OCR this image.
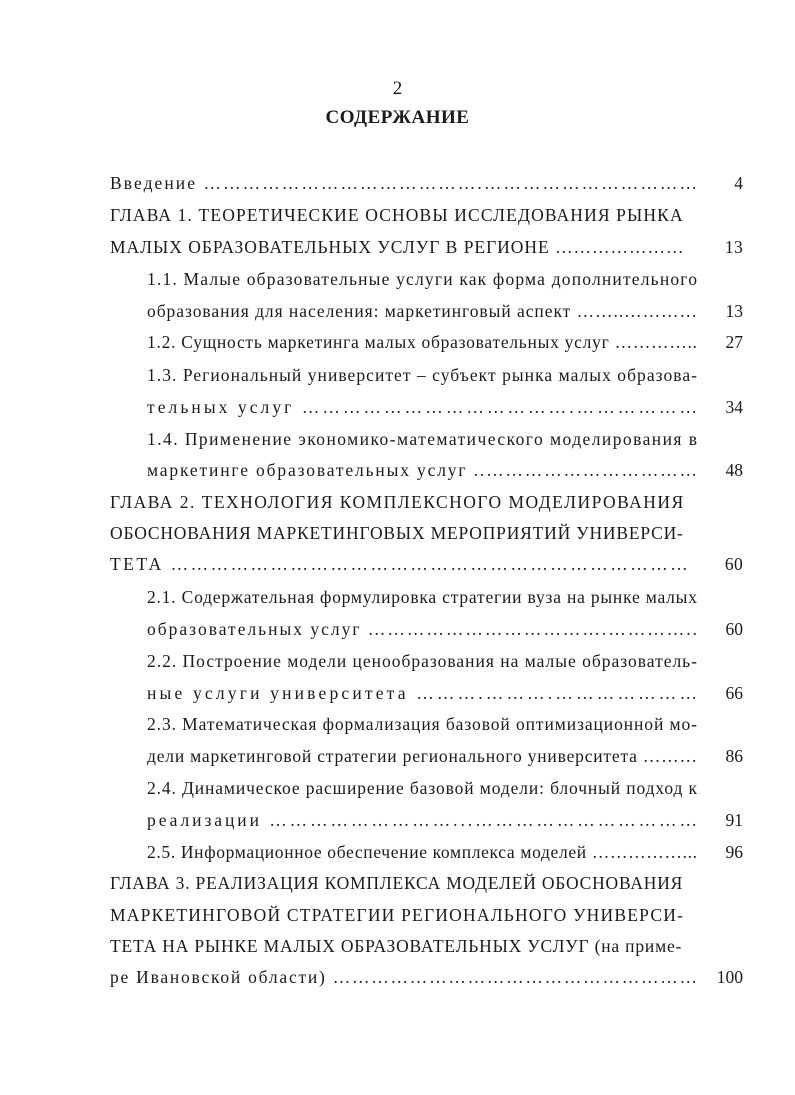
2
СОДЕРЖАНИЕ
Введение …………………………………….……………………………	4
ГЛАВА 1. ТЕОРЕТИЧЕСКИЕ ОСНОВЫ ИССЛЕДОВАНИЯ РЫНКА
МАЛЫХ ОБРАЗОВАТЕЛЬНЫХ УСЛУГ В РЕГИОНЕ …………………	13
1.1. Малые образовательные услуги как форма дополнительного
образования для населения: маркетинговый аспект ……..…………	13
1.2. Сущность маркетинга малых образовательных услуг …………..	27
1.3. Региональный университет – субъект рынка малых образова-
тельных услуг ………………………………….………………	34
1.4. Применение экономико-математического моделирования в
маркетинге образовательных услуг ..……………………………	48
ГЛАВА 2. ТЕХНОЛОГИЯ КОМПЛЕКСНОГО МОДЕЛИРОВАНИЯ
ОБОСНОВАНИЯ МАРКЕТИНГОВЫХ МЕРОПРИЯТИЙ УНИВЕРСИ-
ТЕТА ……………………………………………………………………	60
2.1. Содержательная формулировка стратегии вуза на рынке малых
образовательных услуг ……………………………….…………..	60
2.2. Построение модели ценообразования на малые образователь-
ные услуги университета ……….……….…………………	66
2.3. Математическая формализация базовой оптимизационной мо-
дели маркетинговой стратегии регионального университета ………	86
2.4. Динамическое расширение базовой модели: блочный подход к
реализации ………………………...……………………………	91
2.5. Информационное обеспечение комплекса моделей ……………...	96
ГЛАВА 3. РЕАЛИЗАЦИЯ КОМПЛЕКСА МОДЕЛЕЙ ОБОСНОВАНИЯ
МАРКЕТИНГОВОЙ СТРАТЕГИИ РЕГИОНАЛЬНОГО УНИВЕРСИ-
ТЕТА НА РЫНКЕ МАЛЫХ ОБРАЗОВАТЕЛЬНЫХ УСЛУГ (на приме-
ре Ивановской области) …………………………………………………	100
